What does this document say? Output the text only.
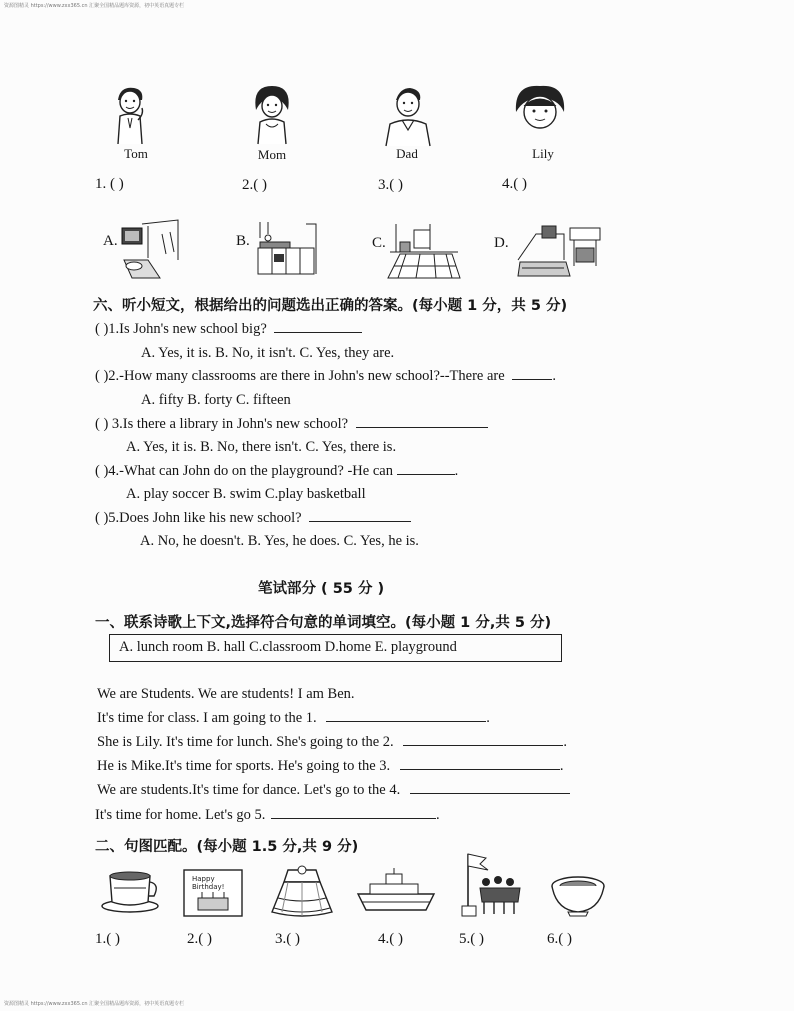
资源图精灵 https://www.zxx365.cn 汇聚全国精品题库资源，初中英语真题专栏
Tom	Mom	Dad	Lily
1. ( )	2.( )	3.( )	4.( )
A.	B.	C.	D.
六、听小短文，根据给出的问题选出正确的答案。(每小题 1 分，共 5 分)
( )1.Is John's new school big?
A. Yes, it is. B. No, it isn't. C. Yes, they are.
( )2.-How many classrooms are there in John's new school?--There are	.
A. fifty B. forty C. fifteen
( ) 3.Is there a library in John's new school?
A. Yes, it is. B. No, there isn't. C. Yes, there is.
( )4.-What can John do on the playground? -He can	.
A. play soccer B. swim C.play basketball
( )5.Does John like his new school?
A. No, he doesn't. B. Yes, he does. C. Yes, he is.
笔试部分 ( 55 分 )
一、联系诗歌上下文,选择符合句意的单词填空。(每小题 1 分,共 5 分)
A. lunch room B. hall C.classroom D.home E. playground
We are Students. We are students! I am Ben.
It's time for class. I am going to the 1.	.
She is Lily. It's time for lunch. She's going to the 2.	.
He is Mike.It's time for sports. He's going to the 3.	.
We are students.It's time for dance. Let's go to the 4.
It's time for home. Let's go 5.	.
二、句图匹配。(每小题 1.5 分,共 9 分)
Happy
Birthday!
1.( )	2.( )	3.( )	4.( )	5.( )	6.( )
资源图精灵 https://www.zxx365.cn 汇聚全国精品题库资源，初中英语真题专栏
